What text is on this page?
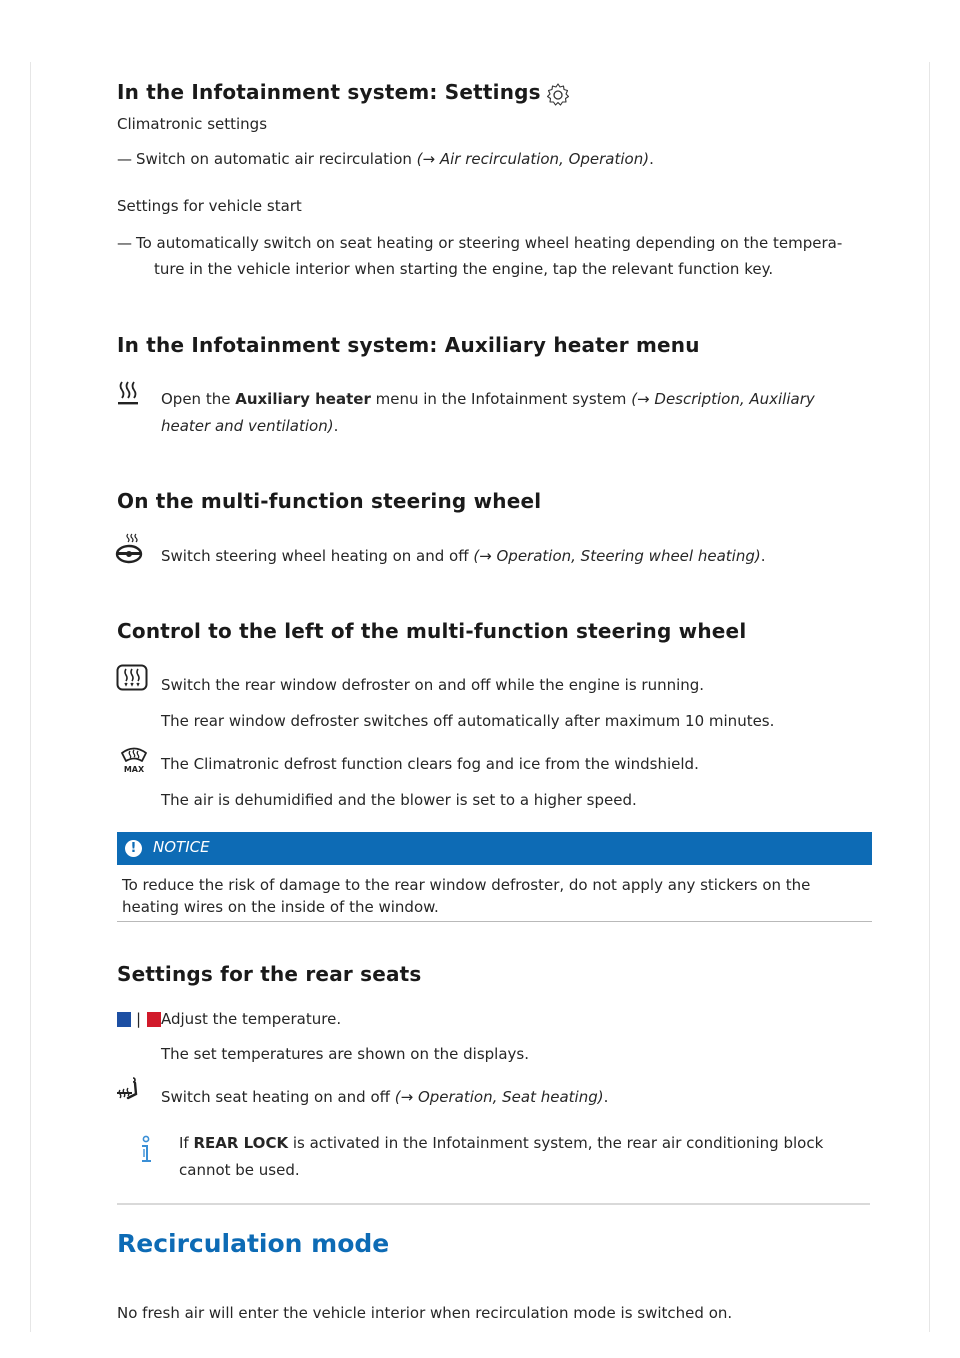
In the Infotainment system: Settings
Climatronic settings
— Switch on automatic air recirculation (→ Air recirculation, Operation).
Settings for vehicle start
— To automatically switch on seat heating or steering wheel heating depending on the tempera-
ture in the vehicle interior when starting the engine, tap the relevant function key.
In the Infotainment system: Auxiliary heater menu
Open the Auxiliary heater menu in the Infotainment system (→ Description, Auxiliary
heater and ventilation).
On the multi-function steering wheel
Switch steering wheel heating on and off (→ Operation, Steering wheel heating).
Control to the left of the multi-function steering wheel
Switch the rear window defroster on and off while the engine is running.
The rear window defroster switches off automatically after maximum 10 minutes.
MAX The Climatronic defrost function clears fog and ice from the windshield.
The air is dehumidified and the blower is set to a higher speed.
!	NOTICE
To reduce the risk of damage to the rear window defroster, do not apply any stickers on the
heating wires on the inside of the window.
Settings for the rear seats
| Adjust the temperature.
The set temperatures are shown on the displays.
Switch seat heating on and off (→ Operation, Seat heating).
If REAR LOCK is activated in the Infotainment system, the rear air conditioning block
cannot be used.
Recirculation mode
No fresh air will enter the vehicle interior when recirculation mode is switched on.
